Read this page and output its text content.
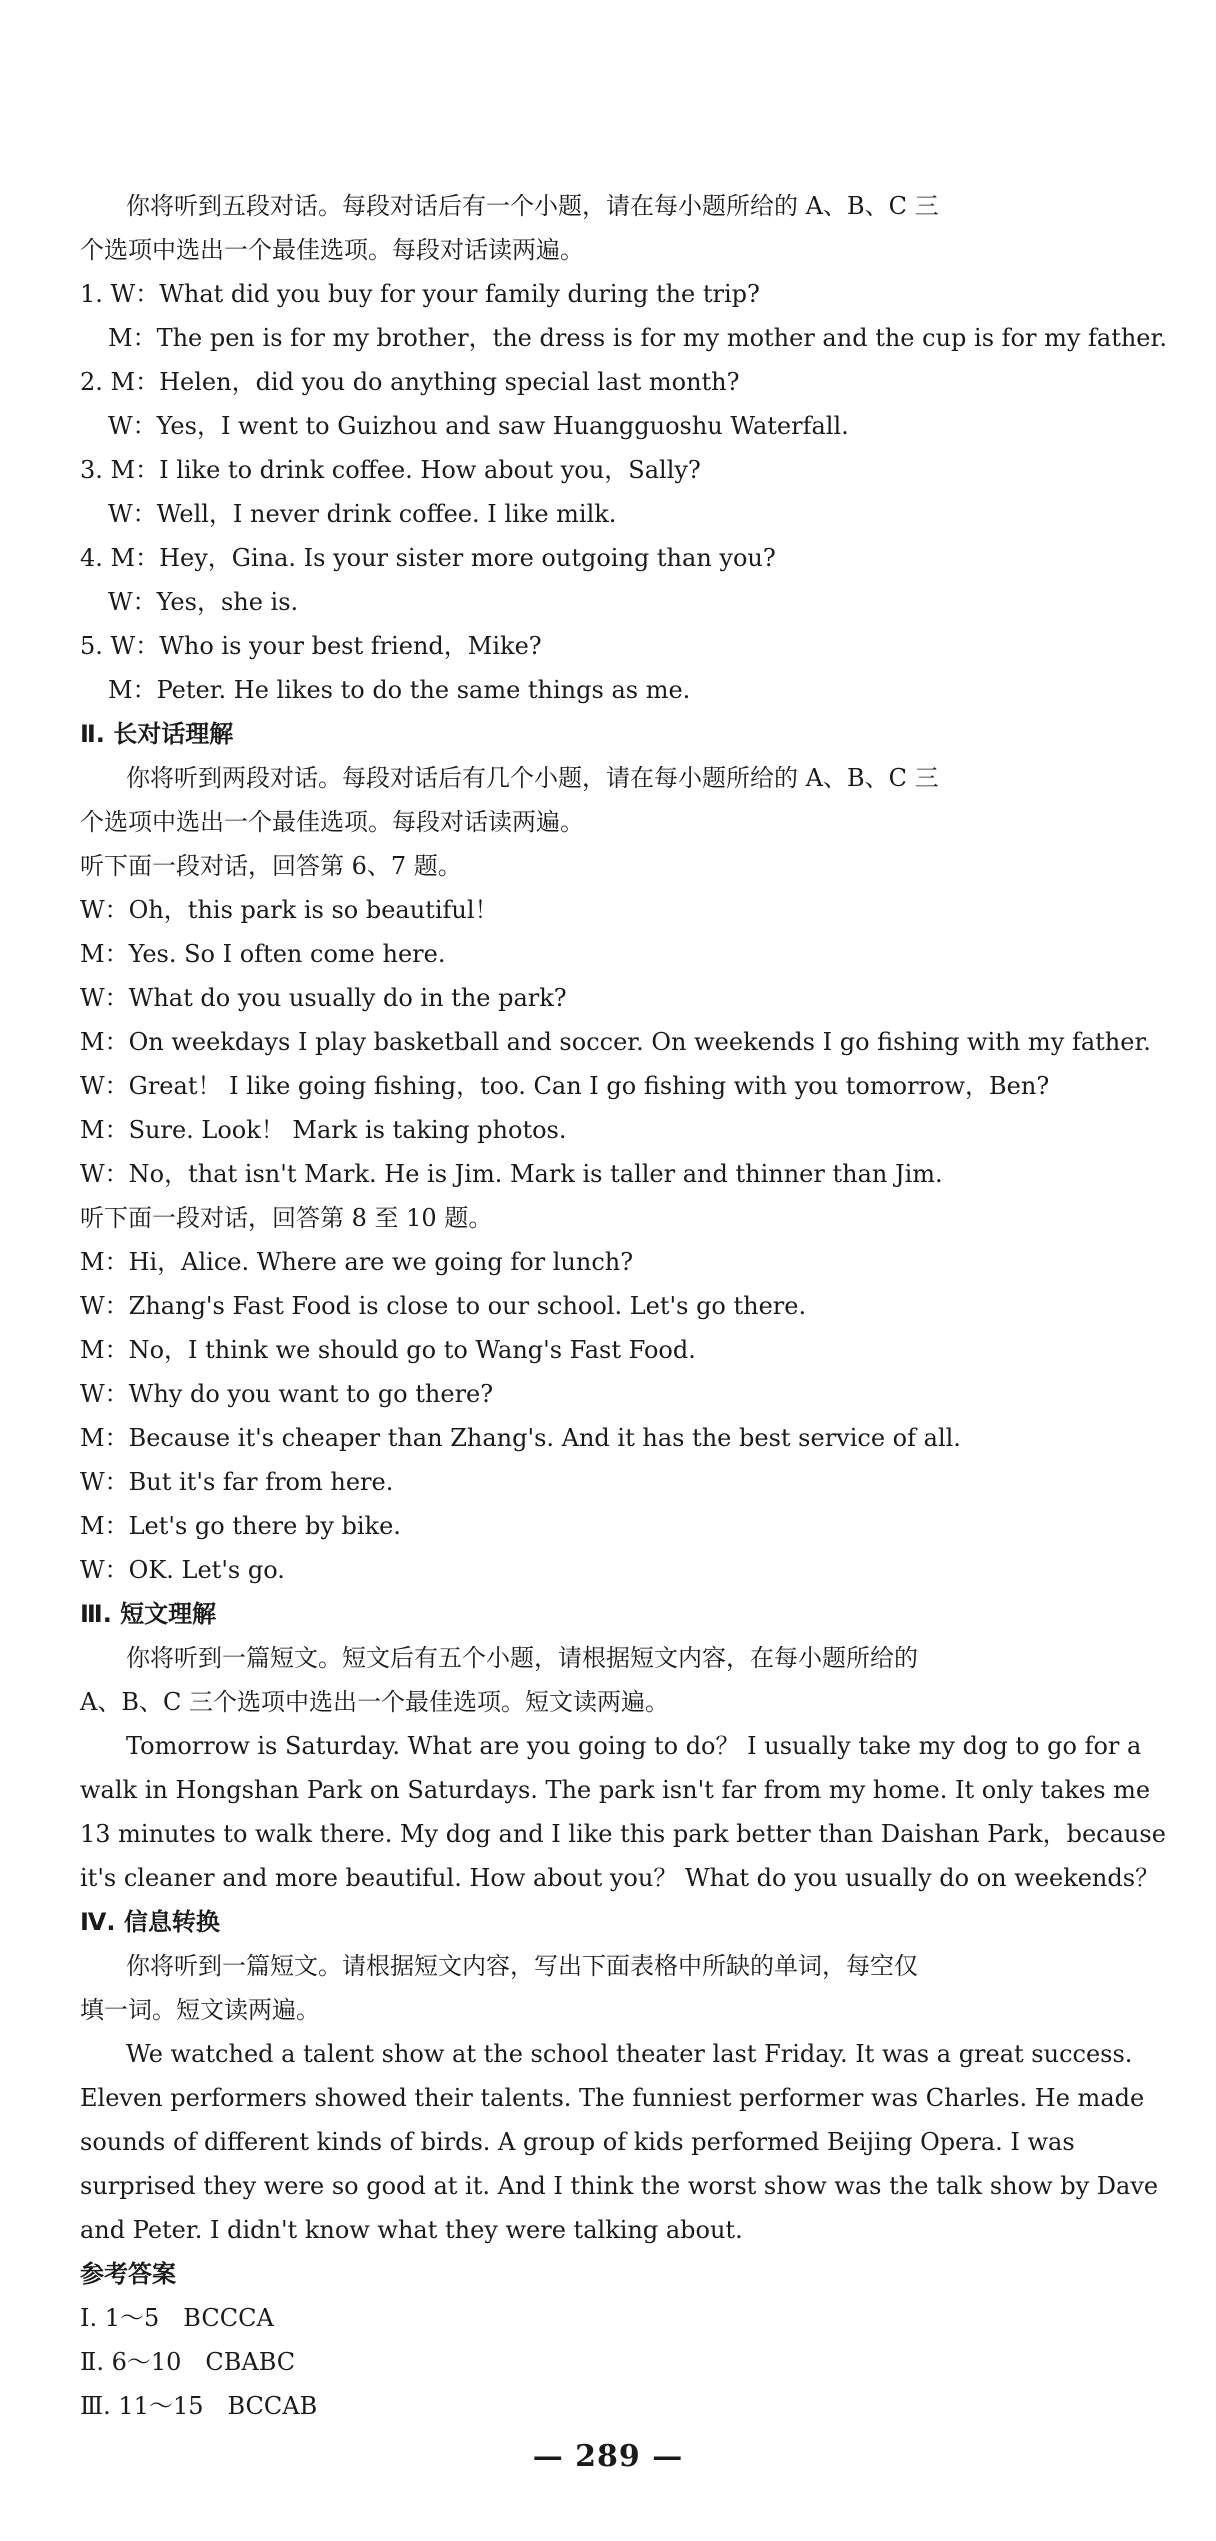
你将听到五段对话。每段对话后有一个小题，请在每小题所给的 A、B、C 三
个选项中选出一个最佳选项。每段对话读两遍。
1. W：What did you buy for your family during the trip?
M：The pen is for my brother，the dress is for my mother and the cup is for my father.
2. M：Helen，did you do anything special last month?
W：Yes，I went to Guizhou and saw Huangguoshu Waterfall.
3. M：I like to drink coffee. How about you，Sally?
W：Well，I never drink coffee. I like milk.
4. M：Hey，Gina. Is your sister more outgoing than you?
W：Yes，she is.
5. W：Who is your best friend，Mike?
M：Peter. He likes to do the same things as me.
Ⅱ. 长对话理解
你将听到两段对话。每段对话后有几个小题，请在每小题所给的 A、B、C 三
个选项中选出一个最佳选项。每段对话读两遍。
听下面一段对话，回答第 6、7 题。
W：Oh，this park is so beautiful！
M：Yes. So I often come here.
W：What do you usually do in the park?
M：On weekdays I play basketball and soccer. On weekends I go fishing with my father.
W：Great！ I like going fishing，too. Can I go fishing with you tomorrow，Ben?
M：Sure. Look！ Mark is taking photos.
W：No，that isn't Mark. He is Jim. Mark is taller and thinner than Jim.
听下面一段对话，回答第 8 至 10 题。
M：Hi，Alice. Where are we going for lunch?
W：Zhang's Fast Food is close to our school. Let's go there.
M：No，I think we should go to Wang's Fast Food.
W：Why do you want to go there?
M：Because it's cheaper than Zhang's. And it has the best service of all.
W：But it's far from here.
M：Let's go there by bike.
W：OK. Let's go.
Ⅲ. 短文理解
你将听到一篇短文。短文后有五个小题，请根据短文内容，在每小题所给的
A、B、C 三个选项中选出一个最佳选项。短文读两遍。
Tomorrow is Saturday. What are you going to do？ I usually take my dog to go for a
walk in Hongshan Park on Saturdays. The park isn't far from my home. It only takes me
13 minutes to walk there. My dog and I like this park better than Daishan Park，because
it's cleaner and more beautiful. How about you？ What do you usually do on weekends？
Ⅳ. 信息转换
你将听到一篇短文。请根据短文内容，写出下面表格中所缺的单词，每空仅
填一词。短文读两遍。
We watched a talent show at the school theater last Friday. It was a great success.
Eleven performers showed their talents. The funniest performer was Charles. He made
sounds of different kinds of birds. A group of kids performed Beijing Opera. I was
surprised they were so good at it. And I think the worst show was the talk show by Dave
and Peter. I didn't know what they were talking about.
参考答案
Ⅰ. 1～5　BCCCA
Ⅱ. 6～10　CBABC
Ⅲ. 11～15　BCCAB
— 289 —
